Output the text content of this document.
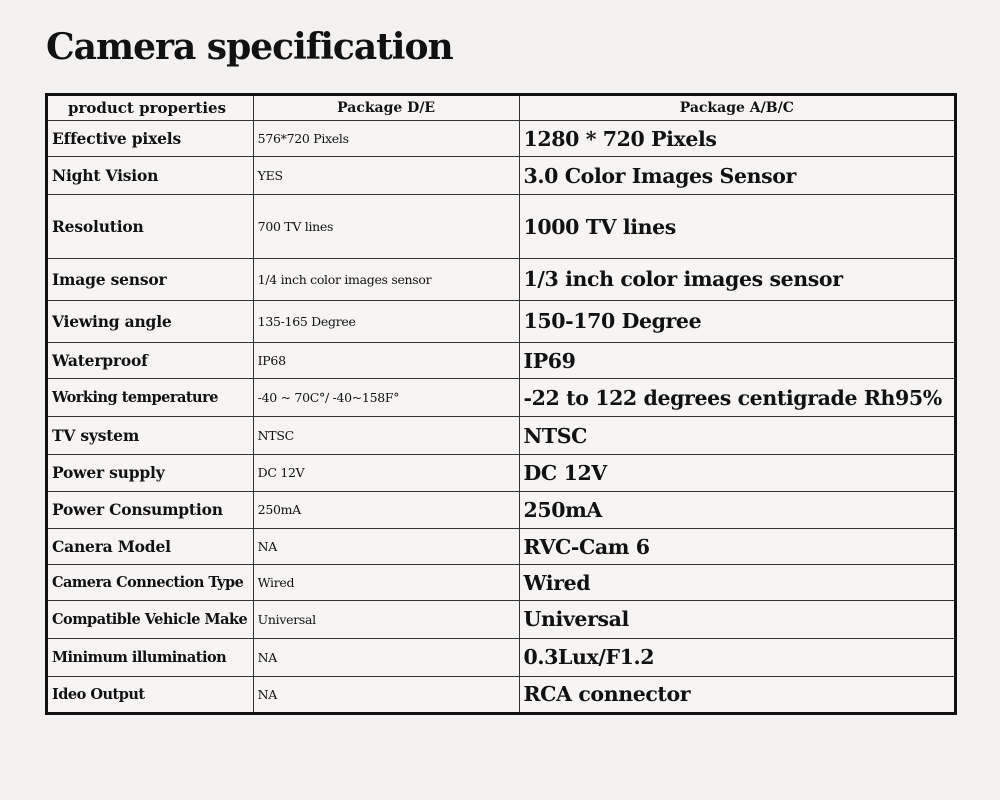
Camera specification
product properties	Package D/E	Package A/B/C
Effective pixels	576*720 Pixels	1280 * 720 Pixels
Night Vision	YES	3.0 Color Images Sensor
Resolution	700 TV lines	1000 TV lines
Image sensor	1/4 inch color images sensor	1/3 inch color images sensor
Viewing angle	135-165 Degree	150-170 Degree
Waterproof	IP68	IP69
Working temperature	-40 ~ 70C°/ -40~158F°	-22 to 122 degrees centigrade Rh95%
TV system	NTSC	NTSC
Power supply	DC 12V	DC 12V
Power Consumption	250mA	250mA
Canera Model	NA	RVC-Cam 6
Camera Connection Type	Wired	Wired
Compatible Vehicle Make	Universal	Universal
Minimum illumination	NA	0.3Lux/F1.2
Ideo Output	NA	RCA connector
